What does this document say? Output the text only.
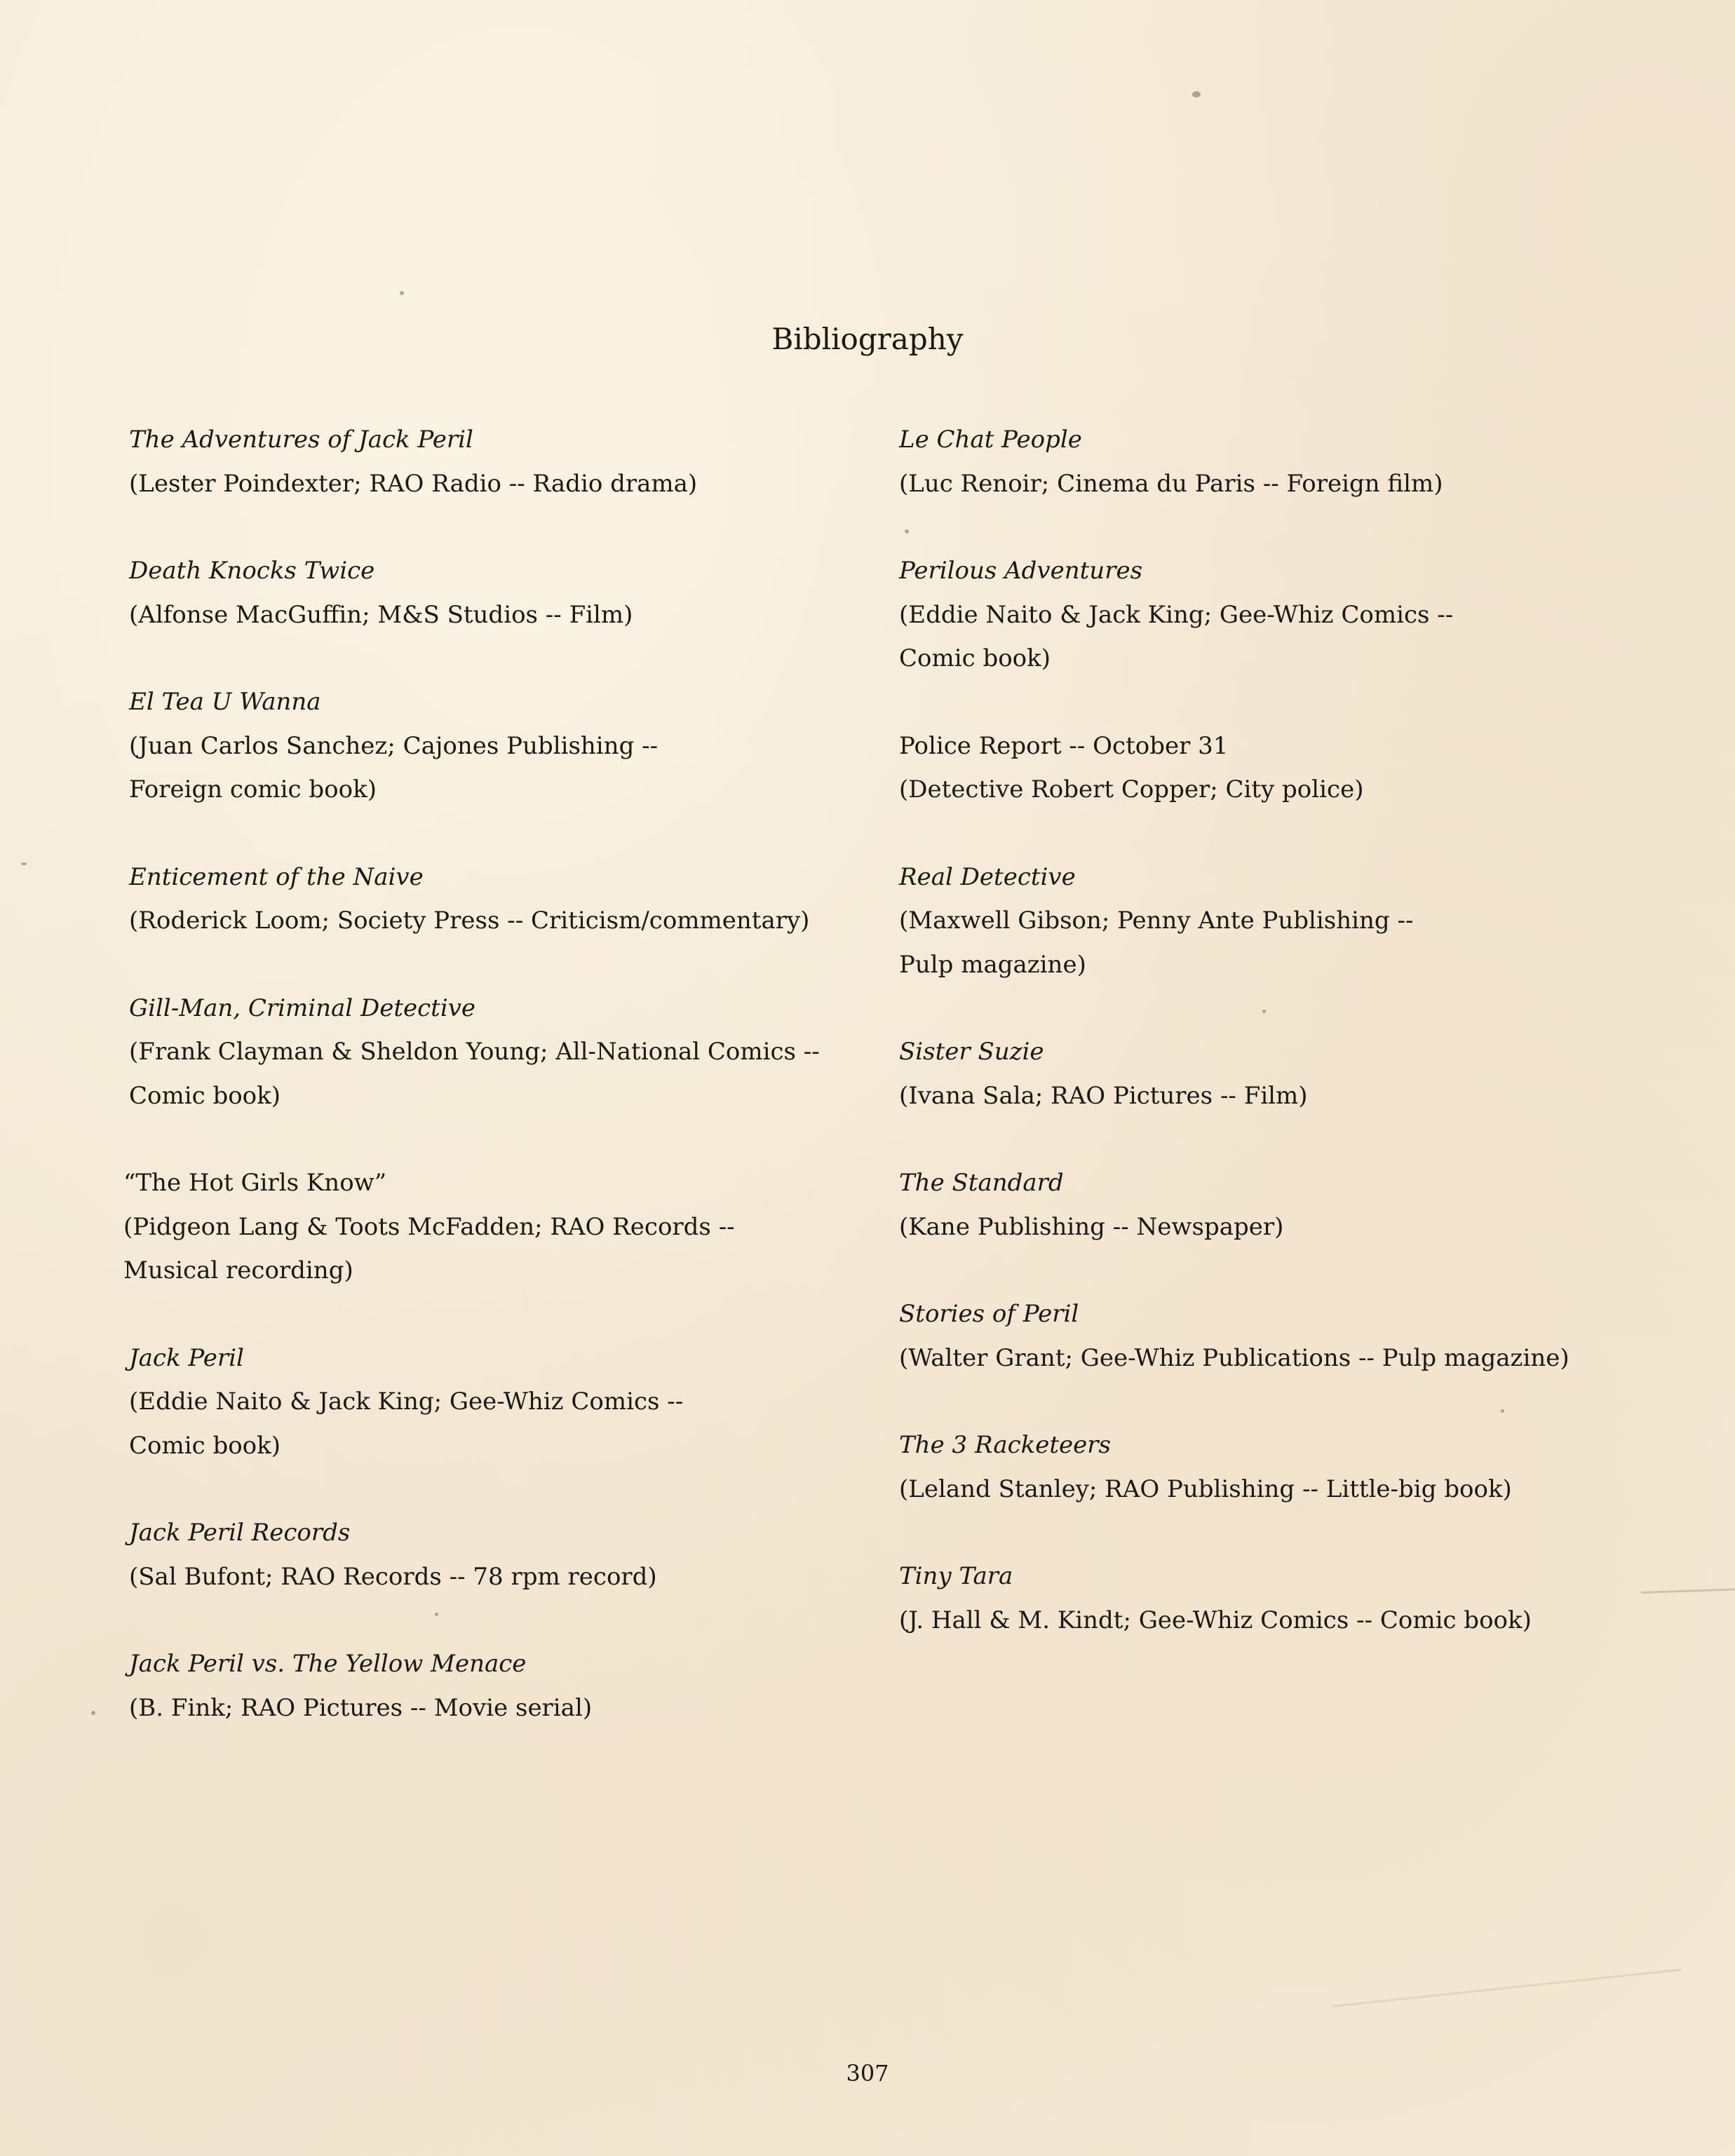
Bibliography
The Adventures of Jack Peril
(Lester Poindexter; RAO Radio -- Radio drama)
Death Knocks Twice
(Alfonse MacGuffin; M&S Studios -- Film)
El Tea U Wanna
(Juan Carlos Sanchez; Cajones Publishing --
Foreign comic book)
Enticement of the Naive
(Roderick Loom; Society Press -- Criticism/commentary)
Gill-Man, Criminal Detective
(Frank Clayman & Sheldon Young; All-National Comics --
Comic book)
“The Hot Girls Know”
(Pidgeon Lang & Toots McFadden; RAO Records --
Musical recording)
Jack Peril
(Eddie Naito & Jack King; Gee-Whiz Comics --
Comic book)
Jack Peril Records
(Sal Bufont; RAO Records -- 78 rpm record)
Jack Peril vs. The Yellow Menace
(B. Fink; RAO Pictures -- Movie serial)
Le Chat People
(Luc Renoir; Cinema du Paris -- Foreign film)
Perilous Adventures
(Eddie Naito & Jack King; Gee-Whiz Comics --
Comic book)
Police Report -- October 31
(Detective Robert Copper; City police)
Real Detective
(Maxwell Gibson; Penny Ante Publishing --
Pulp magazine)
Sister Suzie
(Ivana Sala; RAO Pictures -- Film)
The Standard
(Kane Publishing -- Newspaper)
Stories of Peril
(Walter Grant; Gee-Whiz Publications -- Pulp magazine)
The 3 Racketeers
(Leland Stanley; RAO Publishing -- Little-big book)
Tiny Tara
(J. Hall & M. Kindt; Gee-Whiz Comics -- Comic book)
307
